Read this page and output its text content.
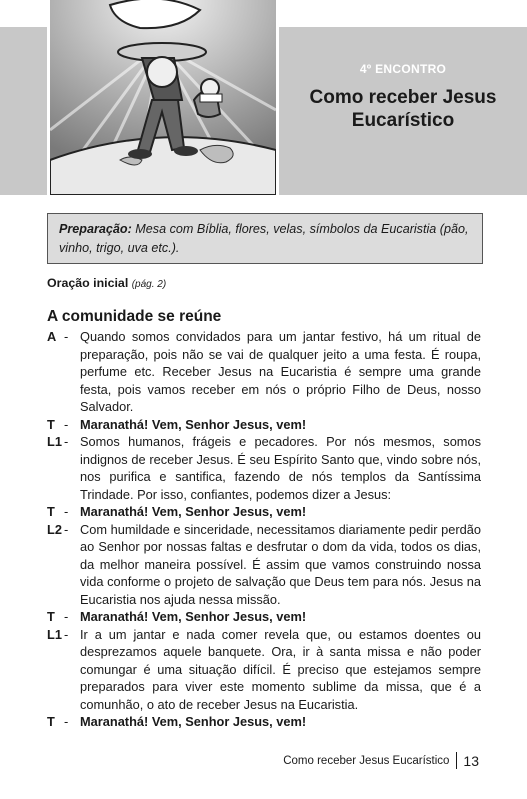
4º ENCONTRO
Como receber Jesus
Eucarístico
Preparação: Mesa com Bíblia, flores, velas, símbolos da Eucaristia (pão, vinho, trigo, uva etc.).
Oração inicial (pág. 2)
A comunidade se reúne
A - Quando somos convidados para um jantar festivo, há um ritual de preparação, pois não se vai de qualquer jeito a uma festa. É roupa, perfume etc. Receber Jesus na Eucaristia é sempre uma grande festa, pois vamos receber em nós o próprio Filho de Deus, nosso Salvador.
T - Maranathá! Vem, Senhor Jesus, vem!
L1 - Somos humanos, frágeis e pecadores. Por nós mesmos, somos indignos de receber Jesus. É seu Espírito Santo que, vindo sobre nós, nos purifica e santifica, fazendo de nós templos da Santíssima Trindade. Por isso, confiantes, podemos dizer a Jesus:
T - Maranathá! Vem, Senhor Jesus, vem!
L2 - Com humildade e sinceridade, necessitamos diariamente pedir perdão ao Senhor por nossas faltas e desfrutar o dom da vida, todos os dias, da melhor maneira possível. É assim que vamos construindo nossa vida conforme o projeto de salvação que Deus tem para nós. Jesus na Eucaristia nos ajuda nessa missão.
T - Maranathá! Vem, Senhor Jesus, vem!
L1 - Ir a um jantar e nada comer revela que, ou estamos doentes ou desprezamos aquele banquete. Ora, ir à santa missa e não poder comungar é uma situação difícil. É preciso que estejamos sempre preparados para viver este momento sublime da missa, que é a comunhão, o ato de receber Jesus na Eucaristia.
T - Maranathá! Vem, Senhor Jesus, vem!
Como receber Jesus Eucarístico 13
